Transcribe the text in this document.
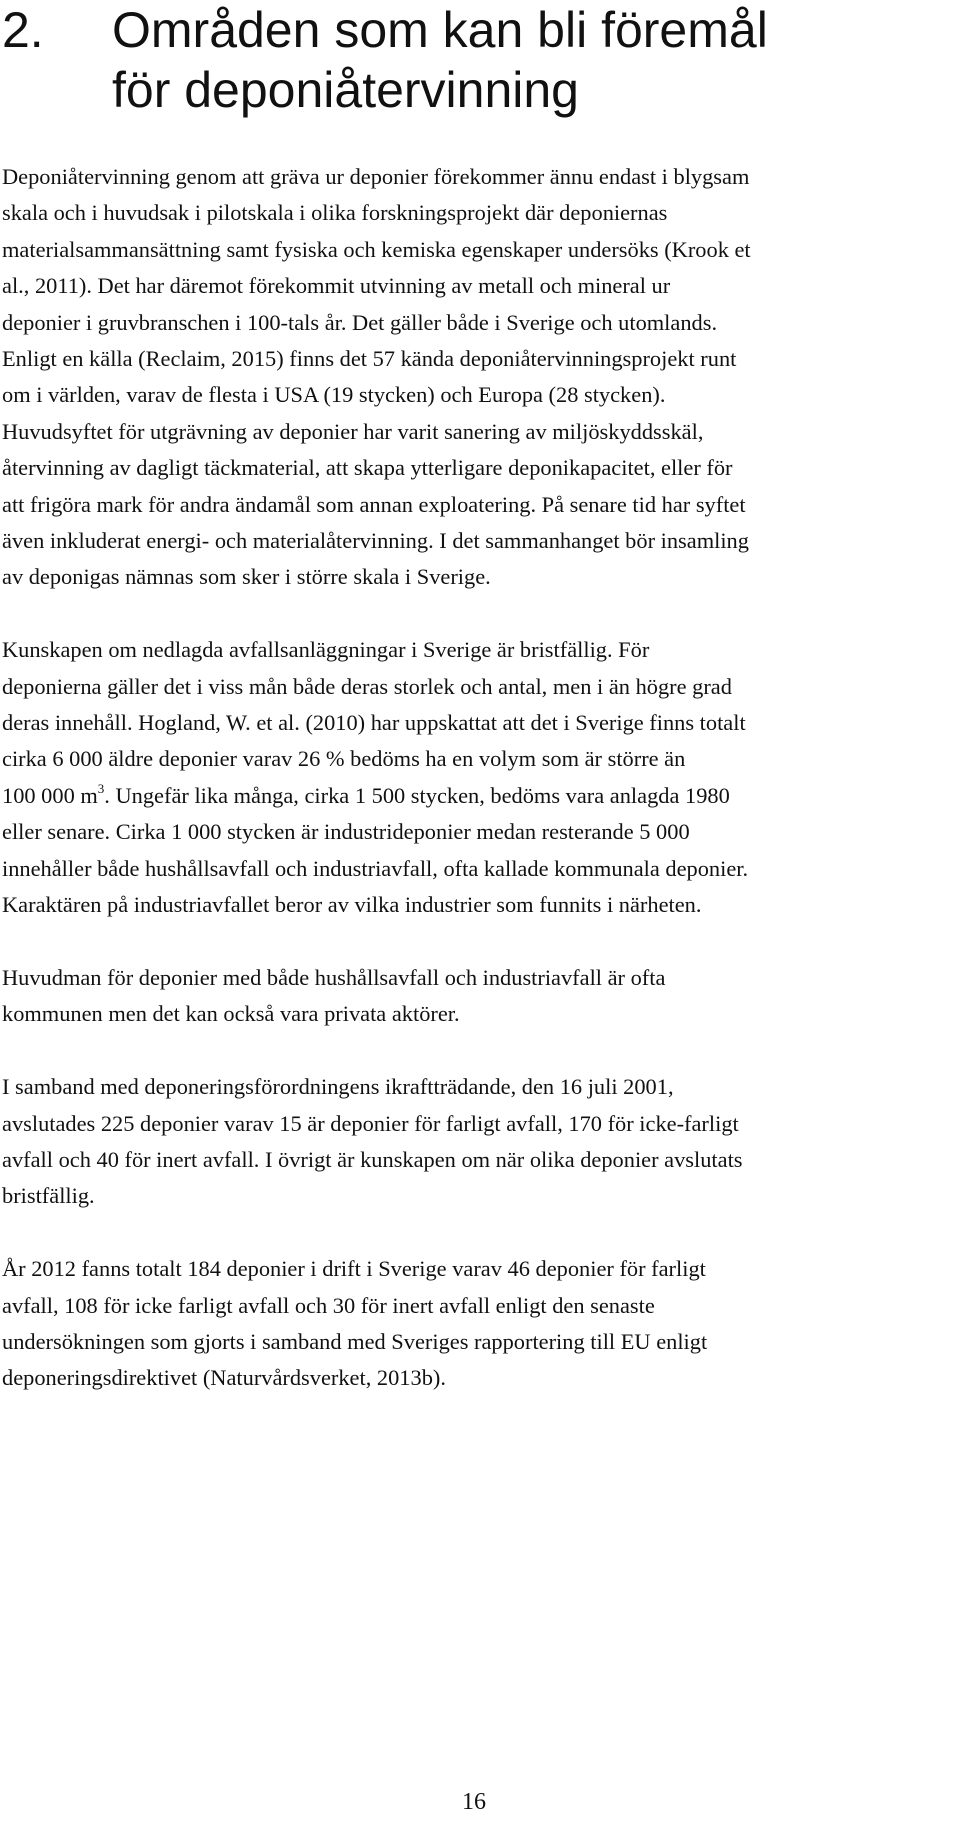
2. Områden som kan bli föremål
för deponiåtervinning

Deponiåtervinning genom att gräva ur deponier förekommer ännu endast i blygsam
skala och i huvudsak i pilotskala i olika forskningsprojekt där deponiernas
materialsammansättning samt fysiska och kemiska egenskaper undersöks (Krook et
al., 2011). Det har däremot förekommit utvinning av metall och mineral ur
deponier i gruvbranschen i 100-tals år. Det gäller både i Sverige och utomlands.
Enligt en källa (Reclaim, 2015) finns det 57 kända deponiåtervinningsprojekt runt
om i världen, varav de flesta i USA (19 stycken) och Europa (28 stycken).
Huvudsyftet för utgrävning av deponier har varit sanering av miljöskyddsskäl,
återvinning av dagligt täckmaterial, att skapa ytterligare deponikapacitet, eller för
att frigöra mark för andra ändamål som annan exploatering. På senare tid har syftet
även inkluderat energi- och materialåtervinning. I det sammanhanget bör insamling
av deponigas nämnas som sker i större skala i Sverige.

Kunskapen om nedlagda avfallsanläggningar i Sverige är bristfällig. För
deponierna gäller det i viss mån både deras storlek och antal, men i än högre grad
deras innehåll. Hogland, W. et al. (2010) har uppskattat att det i Sverige finns totalt
cirka 6 000 äldre deponier varav 26 % bedöms ha en volym som är större än
100 000 $m^3$. Ungefär lika många, cirka 1 500 stycken, bedöms vara anlagda 1980
eller senare. Cirka 1 000 stycken är industrideponier medan resterande 5 000
innehåller både hushållsavfall och industriavfall, ofta kallade kommunala deponier.
Karaktären på industriavfallet beror av vilka industrier som funnits i närheten.

Huvudman för deponier med både hushållsavfall och industriavfall är ofta
kommunen men det kan också vara privata aktörer.

I samband med deponeringsförordningens ikraftträdande, den 16 juli 2001,
avslutades 225 deponier varav 15 är deponier för farligt avfall, 170 för icke-farligt
avfall och 40 för inert avfall. I övrigt är kunskapen om när olika deponier avslutats
bristfällig.

År 2012 fanns totalt 184 deponier i drift i Sverige varav 46 deponier för farligt
avfall, 108 för icke farligt avfall och 30 för inert avfall enligt den senaste
undersökningen som gjorts i samband med Sveriges rapportering till EU enligt
deponeringsdirektivet (Naturvårdsverket, 2013b).

16
